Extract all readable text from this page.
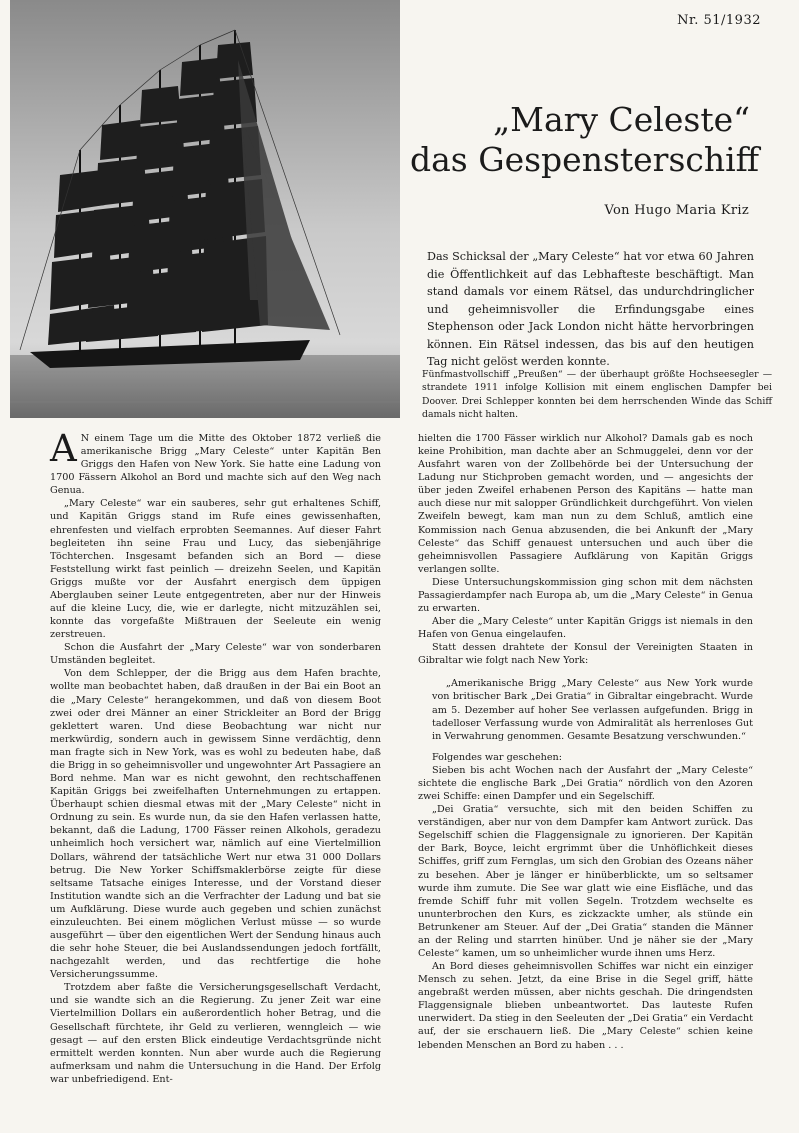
Nr. 51/1932
„Mary Celeste“
das Gespensterschiff
Von Hugo Maria Kriz
Das Schicksal der „Mary Celeste“ hat vor etwa 60 Jahren die Öffentlichkeit auf das Lebhafteste beschäftigt. Man stand damals vor einem Rätsel, das undurchdringlicher und geheimnisvoller die Erfindungsgabe eines Stephenson oder Jack London nicht hätte hervorbringen können. Ein Rätsel indessen, das bis auf den heutigen Tag nicht gelöst werden konnte.
Fünfmastvollschiff „Preußen“ — der überhaupt größte Hochseesegler — strandete 1911 infolge Kollision mit einem englischen Dampfer bei Doover. Drei Schlepper konnten bei dem herrschenden Winde das Schiff damals nicht halten.

A N einem Tage um die Mitte des Oktober 1872 verließ die amerikanische Brigg „Mary Celeste“ unter Kapitän Ben Griggs den Hafen von New York. Sie hatte eine Ladung von 1700 Fässern Alkohol an Bord und machte sich auf den Weg nach Genua.

„Mary Celeste“ war ein sauberes, sehr gut erhaltenes Schiff, und Kapitän Griggs stand im Rufe eines gewissenhaften, ehrenfesten und vielfach erprobten Seemannes. Auf dieser Fahrt begleiteten ihn seine Frau und Lucy, das siebenjährige Töchterchen. Insgesamt befanden sich an Bord — diese Feststellung wirkt fast peinlich — dreizehn Seelen, und Kapitän Griggs mußte vor der Ausfahrt energisch dem üppigen Aberglauben seiner Leute entgegentreten, aber nur der Hinweis auf die kleine Lucy, die, wie er darlegte, nicht mitzuzählen sei, konnte das vorgefaßte Mißtrauen der Seeleute ein wenig zerstreuen.

Schon die Ausfahrt der „Mary Celeste“ war von sonderbaren Umständen begleitet.

Von dem Schlepper, der die Brigg aus dem Hafen brachte, wollte man beobachtet haben, daß draußen in der Bai ein Boot an die „Mary Celeste“ herangekommen, und daß von diesem Boot zwei oder drei Männer an einer Strickleiter an Bord der Brigg geklettert waren. Und diese Beobachtung war nicht nur merkwürdig, sondern auch in gewissem Sinne verdächtig, denn man fragte sich in New York, was es wohl zu bedeuten habe, daß die Brigg in so geheimnisvoller und ungewohnter Art Passagiere an Bord nehme. Man war es nicht gewohnt, den rechtschaffenen Kapitän Griggs bei zweifelhaften Unternehmungen zu ertappen. Überhaupt schien diesmal etwas mit der „Mary Celeste“ nicht in Ordnung zu sein. Es wurde nun, da sie den Hafen verlassen hatte, bekannt, daß die Ladung, 1700 Fässer reinen Alkohols, geradezu unheimlich hoch versichert war, nämlich auf eine Viertelmillion Dollars, während der tatsächliche Wert nur etwa 31 000 Dollars betrug. Die New Yorker Schiffsmaklerbörse zeigte für diese seltsame Tatsache einiges Interesse, und der Vorstand dieser Institution wandte sich an die Verfrachter der Ladung und bat sie um Aufklärung. Diese wurde auch gegeben und schien zunächst einzuleuchten. Bei einem möglichen Verlust müsse — so wurde ausgeführt — über den eigentlichen Wert der Sendung hinaus auch die sehr hohe Steuer, die bei Auslandssendungen jedoch fortfällt, nachgezahlt werden, und das rechtfertige die hohe Versicherungssumme.

Trotzdem aber faßte die Versicherungsgesellschaft Verdacht, und sie wandte sich an die Regierung. Zu jener Zeit war eine Viertelmillion Dollars ein außerordentlich hoher Betrag, und die Gesellschaft fürchtete, ihr Geld zu verlieren, wenngleich — wie gesagt — auf den ersten Blick eindeutige Verdachtsgründe nicht ermittelt werden konnten. Nun aber wurde auch die Regierung aufmerksam und nahm die Untersuchung in die Hand. Der Erfolg war unbefriedigend. Ent-

hielten die 1700 Fässer wirklich nur Alkohol? Damals gab es noch keine Prohibition, man dachte aber an Schmuggelei, denn vor der Ausfahrt waren von der Zollbehörde bei der Untersuchung der Ladung nur Stichproben gemacht worden, und — angesichts der über jeden Zweifel erhabenen Person des Kapitäns — hatte man auch diese nur mit salopper Gründlichkeit durchgeführt. Von vielen Zweifeln bewegt, kam man nun zu dem Schluß, amtlich eine Kommission nach Genua abzusenden, die bei Ankunft der „Mary Celeste“ das Schiff genauest untersuchen und auch über die geheimnisvollen Passagiere Aufklärung von Kapitän Griggs verlangen sollte.

Diese Untersuchungskommission ging schon mit dem nächsten Passagierdampfer nach Europa ab, um die „Mary Celeste“ in Genua zu erwarten.

Aber die „Mary Celeste“ unter Kapitän Griggs ist niemals in den Hafen von Genua eingelaufen.

Statt dessen drahtete der Konsul der Vereinigten Staaten in Gibraltar wie folgt nach New York:

„Amerikanische Brigg „Mary Celeste“ aus New York wurde von britischer Bark „Dei Gratia“ in Gibraltar eingebracht. Wurde am 5. Dezember auf hoher See verlassen aufgefunden. Brigg in tadelloser Verfassung wurde von Admiralität als herrenloses Gut in Verwahrung genommen. Gesamte Besatzung verschwunden.“

Folgendes war geschehen:

Sieben bis acht Wochen nach der Ausfahrt der „Mary Celeste“ sichtete die englische Bark „Dei Gratia“ nördlich von den Azoren zwei Schiffe: einen Dampfer und ein Segelschiff.

„Dei Gratia“ versuchte, sich mit den beiden Schiffen zu verständigen, aber nur von dem Dampfer kam Antwort zurück. Das Segelschiff schien die Flaggensignale zu ignorieren. Der Kapitän der Bark, Boyce, leicht ergrimmt über die Unhöflichkeit dieses Schiffes, griff zum Fernglas, um sich den Grobian des Ozeans näher zu besehen. Aber je länger er hinüberblickte, um so seltsamer wurde ihm zumute. Die See war glatt wie eine Eisfläche, und das fremde Schiff fuhr mit vollen Segeln. Trotzdem wechselte es ununterbrochen den Kurs, es zickzackte umher, als stünde ein Betrunkener am Steuer. Auf der „Dei Gratia“ standen die Männer an der Reling und starrten hinüber. Und je näher sie der „Mary Celeste“ kamen, um so unheimlicher wurde ihnen ums Herz.

An Bord dieses geheimnisvollen Schiffes war nicht ein einziger Mensch zu sehen. Jetzt, da eine Brise in die Segel griff, hätte angebraßt werden müssen, aber nichts geschah. Die dringendsten Flaggensignale blieben unbeantwortet. Das lauteste Rufen unerwidert. Da stieg in den Seeleuten der „Dei Gratia“ ein Verdacht auf, der sie erschauern ließ. Die „Mary Celeste“ schien keine lebenden Menschen an Bord zu haben . . .
